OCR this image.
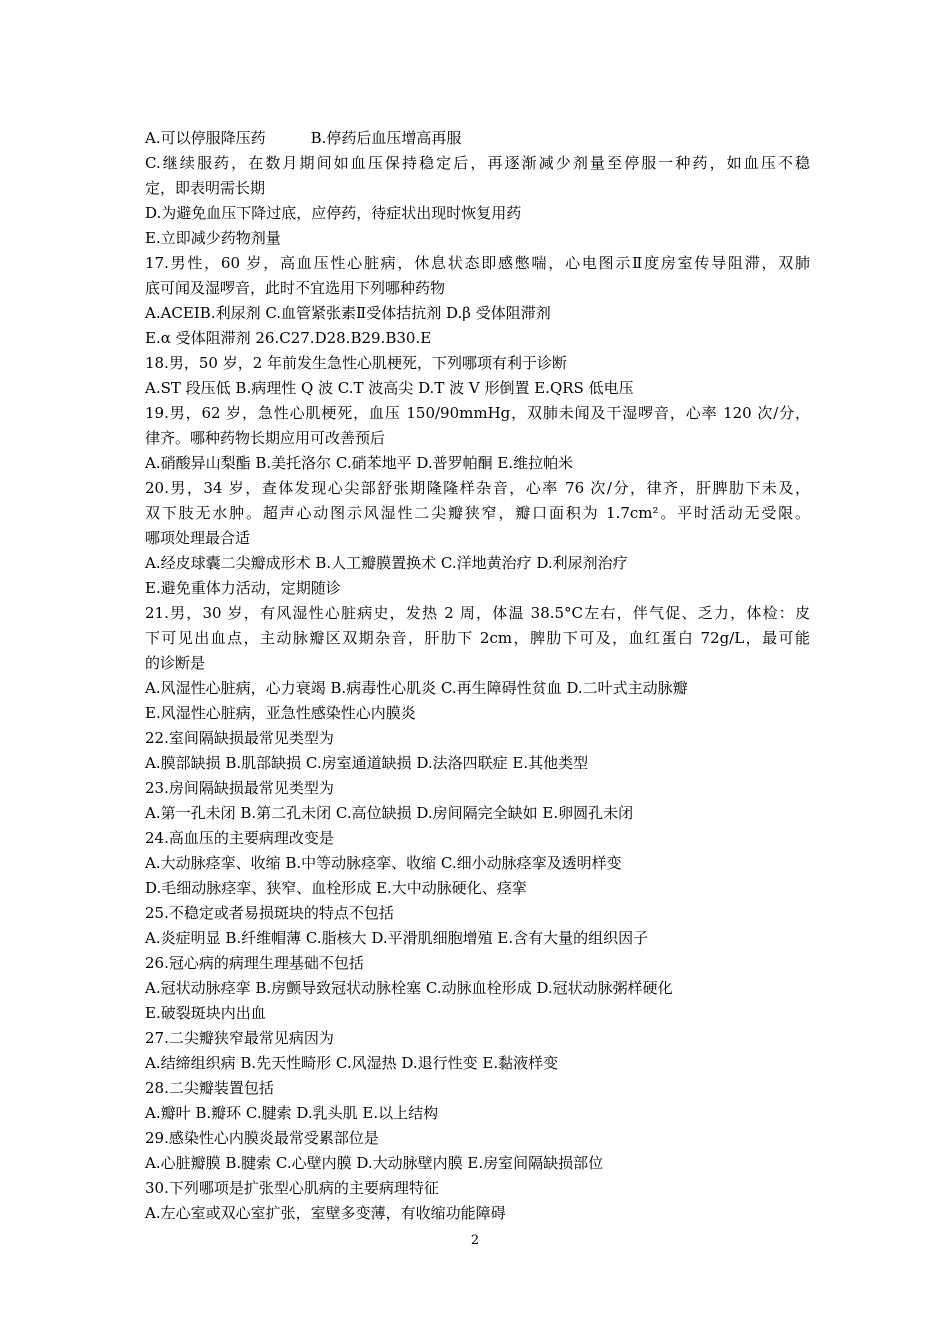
A.可以停服降压药　　　B.停药后血压增高再服
C.继续服药，在数月期间如血压保持稳定后，再逐渐减少剂量至停服一种药，如血压不稳
定，即表明需长期
D.为避免血压下降过底，应停药，待症状出现时恢复用药
E.立即减少药物剂量
17.男性，60 岁，高血压性心脏病，休息状态即感憋喘，心电图示Ⅱ度房室传导阻滞，双肺
底可闻及湿啰音，此时不宜选用下列哪种药物
A.ACEIB.利尿剂 C.血管紧张素Ⅱ受体拮抗剂 D.β 受体阻滞剂
E.α 受体阻滞剂 26.C27.D28.B29.B30.E
18.男，50 岁，2 年前发生急性心肌梗死，下列哪项有利于诊断
A.ST 段压低 B.病理性 Q 波 C.T 波高尖 D.T 波 V 形倒置 E.QRS 低电压
19.男，62 岁，急性心肌梗死，血压 150/90mmHg，双肺未闻及干湿啰音，心率 120 次/分，
律齐。哪种药物长期应用可改善预后
A.硝酸异山梨酯 B.美托洛尔 C.硝苯地平 D.普罗帕酮 E.维拉帕米
20.男，34 岁，查体发现心尖部舒张期隆隆样杂音，心率 76 次/分，律齐，肝脾肋下未及，
双下肢无水肿。超声心动图示风湿性二尖瓣狭窄，瓣口面积为 1.7cm²。平时活动无受限。
哪项处理最合适
A.经皮球囊二尖瓣成形术 B.人工瓣膜置换术 C.洋地黄治疗 D.利尿剂治疗
E.避免重体力活动，定期随诊
21.男，30 岁，有风湿性心脏病史，发热 2 周，体温 38.5°C左右，伴气促、乏力，体检：皮
下可见出血点，主动脉瓣区双期杂音，肝肋下 2cm，脾肋下可及，血红蛋白 72g/L，最可能
的诊断是
A.风湿性心脏病，心力衰竭 B.病毒性心肌炎 C.再生障碍性贫血 D.二叶式主动脉瓣
E.风湿性心脏病，亚急性感染性心内膜炎
22.室间隔缺损最常见类型为
A.膜部缺损 B.肌部缺损 C.房室通道缺损 D.法洛四联症 E.其他类型
23.房间隔缺损最常见类型为
A.第一孔未闭 B.第二孔未闭 C.高位缺损 D.房间隔完全缺如 E.卵圆孔未闭
24.高血压的主要病理改变是
A.大动脉痉挛、收缩 B.中等动脉痉挛、收缩 C.细小动脉痉挛及透明样变
D.毛细动脉痉挛、狭窄、血栓形成 E.大中动脉硬化、痉挛
25.不稳定或者易损斑块的特点不包括
A.炎症明显 B.纤维帽薄 C.脂核大 D.平滑肌细胞增殖 E.含有大量的组织因子
26.冠心病的病理生理基础不包括
A.冠状动脉痉挛 B.房颤导致冠状动脉栓塞 C.动脉血栓形成 D.冠状动脉粥样硬化
E.破裂斑块内出血
27.二尖瓣狭窄最常见病因为
A.结缔组织病 B.先天性畸形 C.风湿热 D.退行性变 E.黏液样变
28.二尖瓣装置包括
A.瓣叶 B.瓣环 C.腱索 D.乳头肌 E.以上结构
29.感染性心内膜炎最常受累部位是
A.心脏瓣膜 B.腱索 C.心壁内膜 D.大动脉壁内膜 E.房室间隔缺损部位
30.下列哪项是扩张型心肌病的主要病理特征
A.左心室或双心室扩张，室壁多变薄，有收缩功能障碍
2
